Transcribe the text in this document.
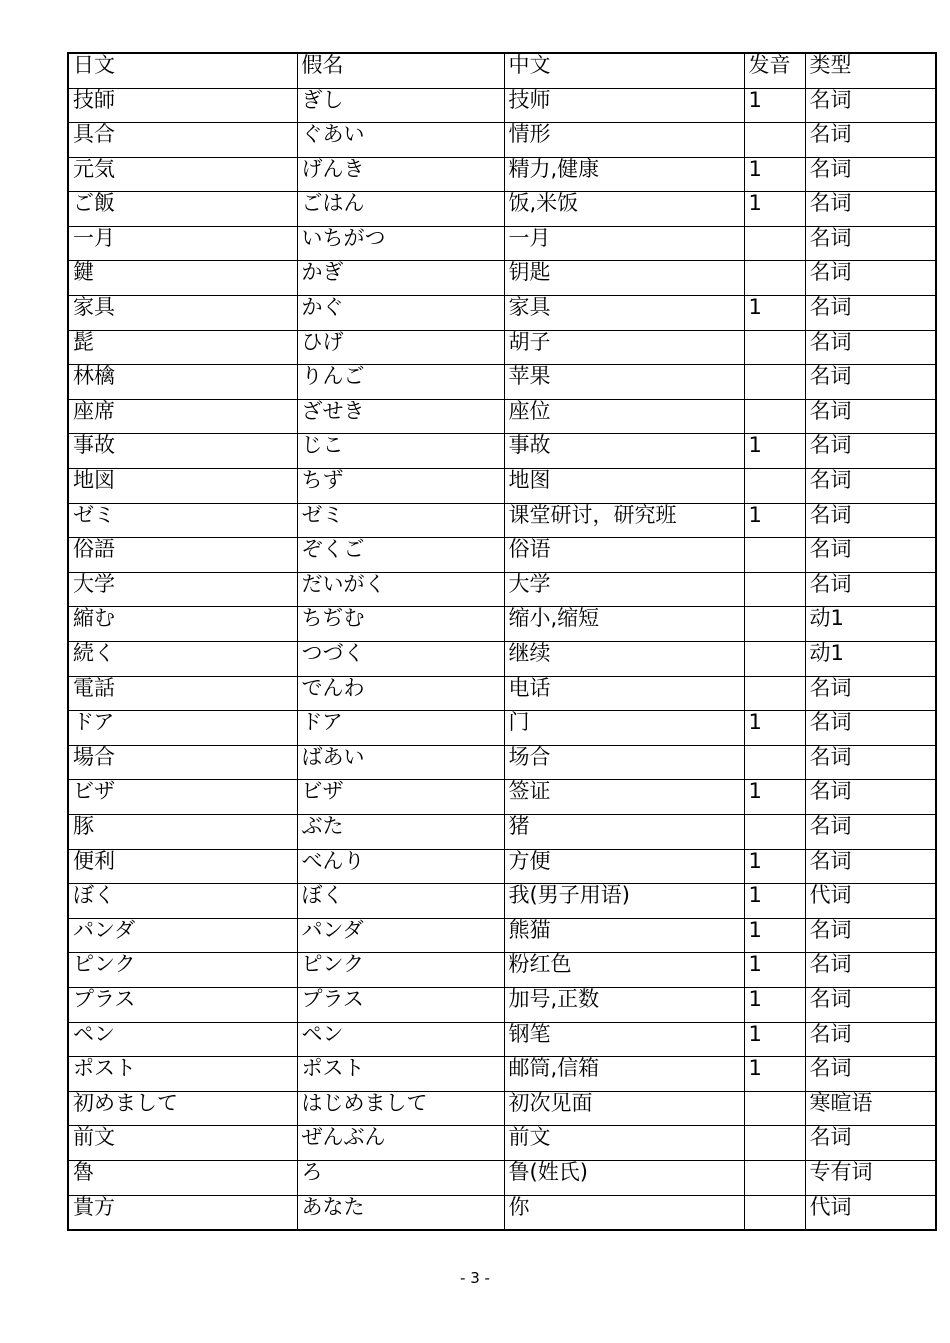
日文	假名	中文	发音	类型
技師	ぎし	技师	1	名词
具合	ぐあい	情形		名词
元気	げんき	精力,健康	1	名词
ご飯	ごはん	饭,米饭	1	名词
一月	いちがつ	一月		名词
鍵	かぎ	钥匙		名词
家具	かぐ	家具	1	名词
髭	ひげ	胡子		名词
林檎	りんご	苹果		名词
座席	ざせき	座位		名词
事故	じこ	事故	1	名词
地図	ちず	地图		名词
ゼミ	ゼミ	课堂研讨，研究班	1	名词
俗語	ぞくご	俗语		名词
大学	だいがく	大学		名词
縮む	ちぢむ	缩小,缩短		动1
続く	つづく	继续		动1
電話	でんわ	电话		名词
ドア	ドア	门	1	名词
場合	ばあい	场合		名词
ビザ	ビザ	签证	1	名词
豚	ぶた	猪		名词
便利	べんり	方便	1	名词
ぼく	ぼく	我(男子用语)	1	代词
パンダ	パンダ	熊猫	1	名词
ピンク	ピンク	粉红色	1	名词
プラス	プラス	加号,正数	1	名词
ペン	ペン	钢笔	1	名词
ポスト	ポスト	邮筒,信箱	1	名词
初めまして	はじめまして	初次见面		寒暄语
前文	ぜんぶん	前文		名词
魯	ろ	鲁(姓氏)		专有词
貴方	あなた	你		代词
- 3 -
